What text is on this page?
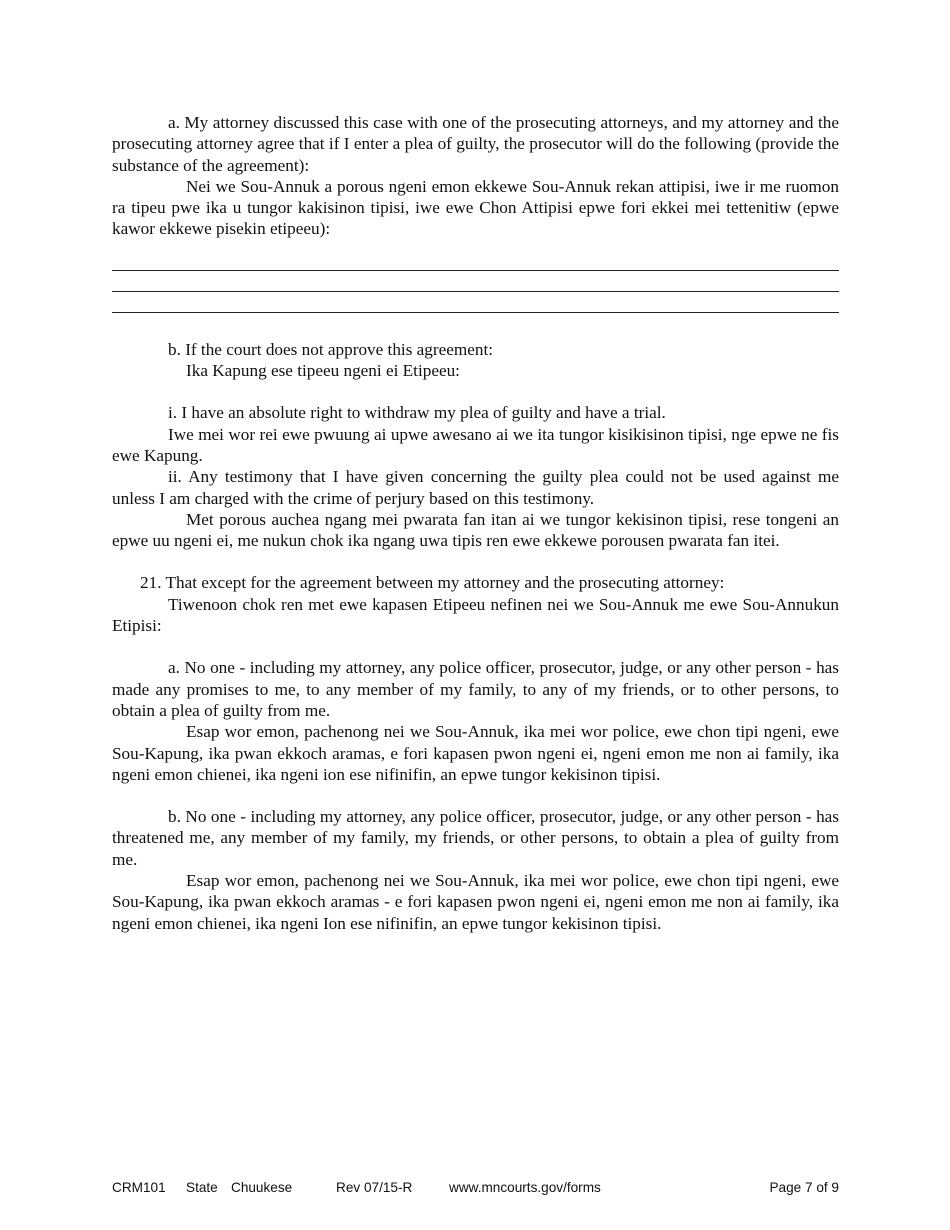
a. My attorney discussed this case with one of the prosecuting attorneys, and my attorney and the prosecuting attorney agree that if I enter a plea of guilty, the prosecutor will do the following (provide the substance of the agreement):

Nei we Sou-Annuk a porous ngeni emon ekkewe Sou-Annuk rekan attipisi, iwe ir me ruomon ra tipeu pwe ika u tungor kakisinon tipisi, iwe ewe Chon Attipisi epwe fori ekkei mei tettenitiw (epwe kawor ekkewe pisekin etipeeu):

b. If the court does not approve this agreement:

Ika Kapung ese tipeeu ngeni ei Etipeeu:

i. I have an absolute right to withdraw my plea of guilty and have a trial.

Iwe mei wor rei ewe pwuung ai upwe awesano ai we ita tungor kisikisinon tipisi, nge epwe ne fis ewe Kapung.

ii. Any testimony that I have given concerning the guilty plea could not be used against me unless I am charged with the crime of perjury based on this testimony.

Met porous auchea ngang mei pwarata fan itan ai we tungor kekisinon tipisi, rese tongeni an epwe uu ngeni ei, me nukun chok ika ngang uwa tipis ren ewe ekkewe porousen pwarata fan itei.

21. That except for the agreement between my attorney and the prosecuting attorney:

Tiwenoon chok ren met ewe kapasen Etipeeu nefinen nei we Sou-Annuk me ewe Sou-Annukun Etipisi:

a. No one - including my attorney, any police officer, prosecutor, judge, or any other person - has made any promises to me, to any member of my family, to any of my friends, or to other persons, to obtain a plea of guilty from me.

Esap wor emon, pachenong nei we Sou-Annuk, ika mei wor police, ewe chon tipi ngeni, ewe Sou-Kapung, ika pwan ekkoch aramas, e fori kapasen pwon ngeni ei, ngeni emon me non ai family, ika ngeni emon chienei, ika ngeni ion ese nifinifin, an epwe tungor kekisinon tipisi.

b. No one - including my attorney, any police officer, prosecutor, judge, or any other person - has threatened me, any member of my family, my friends, or other persons, to obtain a plea of guilty from me.

Esap wor emon, pachenong nei we Sou-Annuk, ika mei wor police, ewe chon tipi ngeni, ewe Sou-Kapung, ika pwan ekkoch aramas - e fori kapasen pwon ngeni ei, ngeni emon me non ai family, ika ngeni emon chienei, ika ngeni Ion ese nifinifin, an epwe tungor kekisinon tipisi.

CRM101 State Chuukese	Rev 07/15-R	www.mncourts.gov/forms	Page 7 of 9
